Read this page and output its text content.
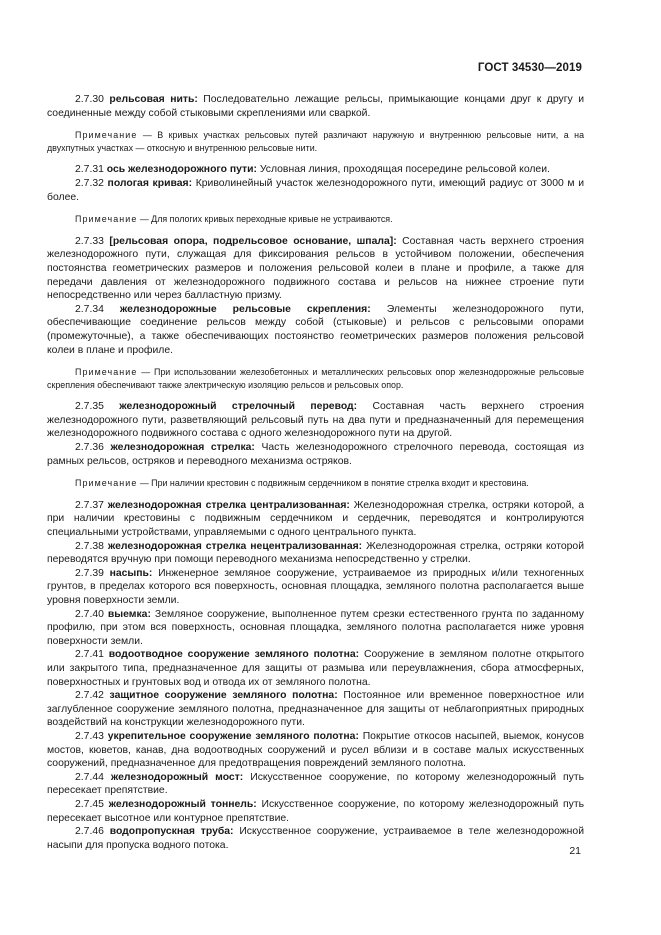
ГОСТ 34530—2019

2.7.30 рельсовая нить: Последовательно лежащие рельсы, примыкающие концами друг к другу и соединенные между собой стыковыми скреплениями или сваркой.

Примечание — В кривых участках рельсовых путей различают наружную и внутреннюю рельсовые нити, а на двухпутных участках — откосную и внутреннюю рельсовые нити.

2.7.31 ось железнодорожного пути: Условная линия, проходящая посередине рельсовой колеи.

2.7.32 пологая кривая: Криволинейный участок железнодорожного пути, имеющий радиус от 3000 м и более.

Примечание — Для пологих кривых переходные кривые не устраиваются.

2.7.33 [рельсовая опора, подрельсовое основание, шпала]: Составная часть верхнего строения железнодорожного пути, служащая для фиксирования рельсов в устойчивом положении, обеспечения постоянства геометрических размеров и положения рельсовой колеи в плане и профиле, а также для передачи давления от железнодорожного подвижного состава и рельсов на нижнее строение пути непосредственно или через балластную призму.

2.7.34 железнодорожные рельсовые скрепления: Элементы железнодорожного пути, обеспечивающие соединение рельсов между собой (стыковые) и рельсов с рельсовыми опорами (промежуточные), а также обеспечивающих постоянство геометрических размеров положения рельсовой колеи в плане и профиле.

Примечание — При использовании железобетонных и металлических рельсовых опор железнодорожные рельсовые скрепления обеспечивают также электрическую изоляцию рельсов и рельсовых опор.

2.7.35 железнодорожный стрелочный перевод: Составная часть верхнего строения железнодорожного пути, разветвляющий рельсовый путь на два пути и предназначенный для перемещения железнодорожного подвижного состава с одного железнодорожного пути на другой.

2.7.36 железнодорожная стрелка: Часть железнодорожного стрелочного перевода, состоящая из рамных рельсов, остряков и переводного механизма остряков.

Примечание — При наличии крестовин с подвижным сердечником в понятие стрелка входит и крестовина.

2.7.37 железнодорожная стрелка централизованная: Железнодорожная стрелка, остряки которой, а при наличии крестовины с подвижным сердечником и сердечник, переводятся и контролируются специальными устройствами, управляемыми с одного центрального пункта.

2.7.38 железнодорожная стрелка нецентрализованная: Железнодорожная стрелка, остряки которой переводятся вручную при помощи переводного механизма непосредственно у стрелки.

2.7.39 насыпь: Инженерное земляное сооружение, устраиваемое из природных и/или техногенных грунтов, в пределах которого вся поверхность, основная площадка, земляного полотна располагается выше уровня поверхности земли.

2.7.40 выемка: Земляное сооружение, выполненное путем срезки естественного грунта по заданному профилю, при этом вся поверхность, основная площадка, земляного полотна располагается ниже уровня поверхности земли.

2.7.41 водоотводное сооружение земляного полотна: Сооружение в земляном полотне открытого или закрытого типа, предназначенное для защиты от размыва или переувлажнения, сбора атмосферных, поверхностных и грунтовых вод и отвода их от земляного полотна.

2.7.42 защитное сооружение земляного полотна: Постоянное или временное поверхностное или заглубленное сооружение земляного полотна, предназначенное для защиты от неблагоприятных природных воздействий на конструкции железнодорожного пути.

2.7.43 укрепительное сооружение земляного полотна: Покрытие откосов насыпей, выемок, конусов мостов, кюветов, канав, дна водоотводных сооружений и русел вблизи и в составе малых искусственных сооружений, предназначенное для предотвращения повреждений земляного полотна.

2.7.44 железнодорожный мост: Искусственное сооружение, по которому железнодорожный путь пересекает препятствие.

2.7.45 железнодорожный тоннель: Искусственное сооружение, по которому железнодорожный путь пересекает высотное или контурное препятствие.

2.7.46 водопропускная труба: Искусственное сооружение, устраиваемое в теле железнодорожной насыпи для пропуска водного потока.	21
